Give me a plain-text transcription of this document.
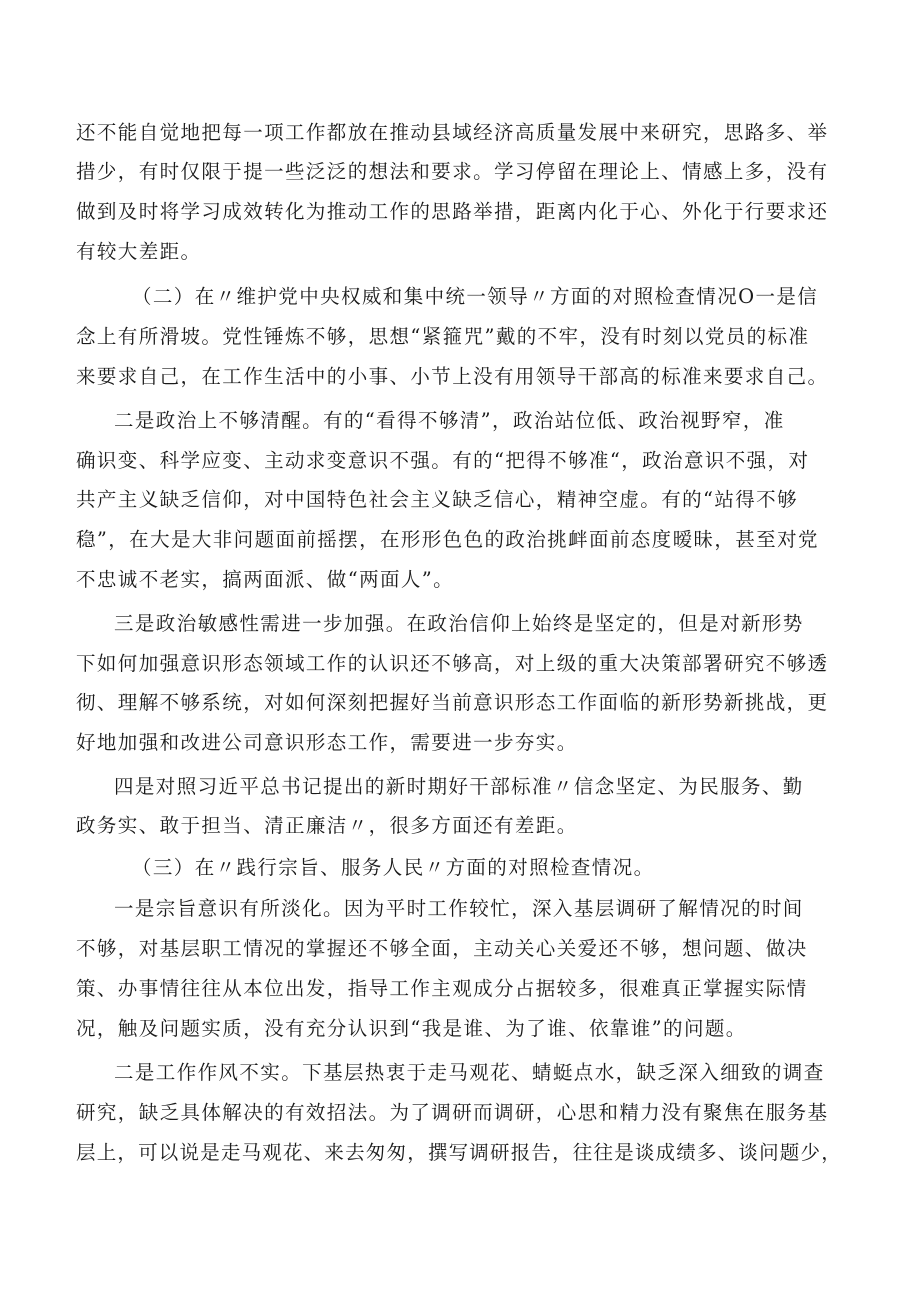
还不能自觉地把每一项工作都放在推动县域经济高质量发展中来研究，思路多、举
措少，有时仅限于提一些泛泛的想法和要求。学习停留在理论上、情感上多，没有
做到及时将学习成效转化为推动工作的思路举措，距离内化于心、外化于行要求还
有较大差距。
（二）在〃维护党中央权威和集中统一领导〃方面的对照检查情况O一是信
念上有所滑坡。党性锤炼不够，思想“紧箍咒”戴的不牢，没有时刻以党员的标准
来要求自己，在工作生活中的小事、小节上没有用领导干部高的标准来要求自己。
二是政治上不够清醒。有的“看得不够清”，政治站位低、政治视野窄，准
确识变、科学应变、主动求变意识不强。有的“把得不够准“，政治意识不强，对
共产主义缺乏信仰，对中国特色社会主义缺乏信心，精神空虚。有的“站得不够
稳”，在大是大非问题面前摇摆，在形形色色的政治挑衅面前态度暧昧，甚至对党
不忠诚不老实，搞两面派、做“两面人”。
三是政治敏感性需进一步加强。在政治信仰上始终是坚定的，但是对新形势
下如何加强意识形态领域工作的认识还不够高，对上级的重大决策部署研究不够透
彻、理解不够系统，对如何深刻把握好当前意识形态工作面临的新形势新挑战，更
好地加强和改进公司意识形态工作，需要进一步夯实。
四是对照习近平总书记提出的新时期好干部标准〃信念坚定、为民服务、勤
政务实、敢于担当、清正廉洁〃，很多方面还有差距。
（三）在〃践行宗旨、服务人民〃方面的对照检查情况。
一是宗旨意识有所淡化。因为平时工作较忙，深入基层调研了解情况的时间
不够，对基层职工情况的掌握还不够全面，主动关心关爱还不够，想问题、做决
策、办事情往往从本位出发，指导工作主观成分占据较多，很难真正掌握实际情
况，触及问题实质，没有充分认识到“我是谁、为了谁、依靠谁”的问题。
二是工作作风不实。下基层热衷于走马观花、蜻蜓点水，缺乏深入细致的调查
研究，缺乏具体解决的有效招法。为了调研而调研，心思和精力没有聚焦在服务基
层上，可以说是走马观花、来去匆匆，撰写调研报告，往往是谈成绩多、谈问题少，
